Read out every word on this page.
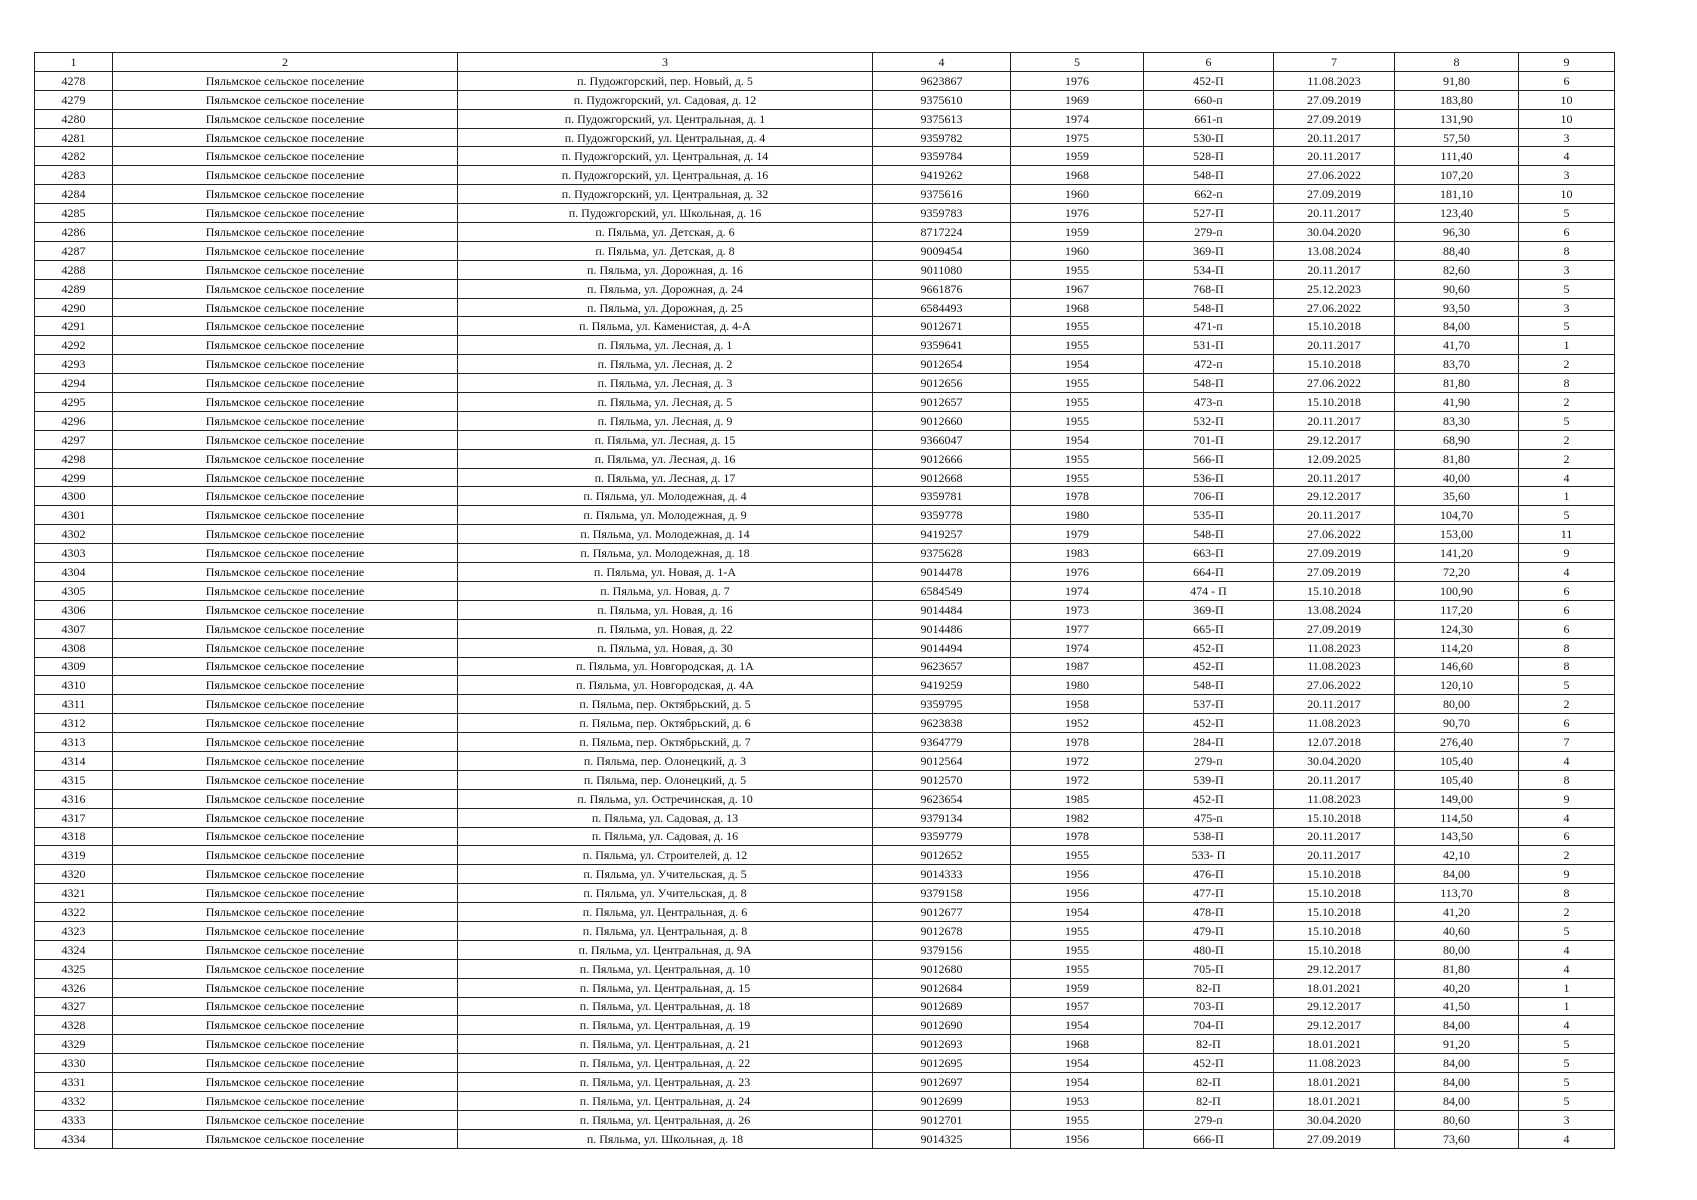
1	2	3	4	5	6	7	8	9
4278	Пяльмское сельское поселение	п. Пудожгорский, пер. Новый, д. 5	9623867	1976	452-П	11.08.2023	91,80	6
4279	Пяльмское сельское поселение	п. Пудожгорский, ул. Садовая, д. 12	9375610	1969	660-п	27.09.2019	183,80	10
4280	Пяльмское сельское поселение	п. Пудожгорский, ул. Центральная, д. 1	9375613	1974	661-п	27.09.2019	131,90	10
4281	Пяльмское сельское поселение	п. Пудожгорский, ул. Центральная, д. 4	9359782	1975	530-П	20.11.2017	57,50	3
4282	Пяльмское сельское поселение	п. Пудожгорский, ул. Центральная, д. 14	9359784	1959	528-П	20.11.2017	111,40	4
4283	Пяльмское сельское поселение	п. Пудожгорский, ул. Центральная, д. 16	9419262	1968	548-П	27.06.2022	107,20	3
4284	Пяльмское сельское поселение	п. Пудожгорский, ул. Центральная, д. 32	9375616	1960	662-п	27.09.2019	181,10	10
4285	Пяльмское сельское поселение	п. Пудожгорский, ул. Школьная, д. 16	9359783	1976	527-П	20.11.2017	123,40	5
4286	Пяльмское сельское поселение	п. Пяльма, ул. Детская, д. 6	8717224	1959	279-п	30.04.2020	96,30	6
4287	Пяльмское сельское поселение	п. Пяльма, ул. Детская, д. 8	9009454	1960	369-П	13.08.2024	88,40	8
4288	Пяльмское сельское поселение	п. Пяльма, ул. Дорожная, д. 16	9011080	1955	534-П	20.11.2017	82,60	3
4289	Пяльмское сельское поселение	п. Пяльма, ул. Дорожная, д. 24	9661876	1967	768-П	25.12.2023	90,60	5
4290	Пяльмское сельское поселение	п. Пяльма, ул. Дорожная, д. 25	6584493	1968	548-П	27.06.2022	93,50	3
4291	Пяльмское сельское поселение	п. Пяльма, ул. Каменистая, д. 4-А	9012671	1955	471-п	15.10.2018	84,00	5
4292	Пяльмское сельское поселение	п. Пяльма, ул. Лесная, д. 1	9359641	1955	531-П	20.11.2017	41,70	1
4293	Пяльмское сельское поселение	п. Пяльма, ул. Лесная, д. 2	9012654	1954	472-п	15.10.2018	83,70	2
4294	Пяльмское сельское поселение	п. Пяльма, ул. Лесная, д. 3	9012656	1955	548-П	27.06.2022	81,80	8
4295	Пяльмское сельское поселение	п. Пяльма, ул. Лесная, д. 5	9012657	1955	473-п	15.10.2018	41,90	2
4296	Пяльмское сельское поселение	п. Пяльма, ул. Лесная, д. 9	9012660	1955	532-П	20.11.2017	83,30	5
4297	Пяльмское сельское поселение	п. Пяльма, ул. Лесная, д. 15	9366047	1954	701-П	29.12.2017	68,90	2
4298	Пяльмское сельское поселение	п. Пяльма, ул. Лесная, д. 16	9012666	1955	566-П	12.09.2025	81,80	2
4299	Пяльмское сельское поселение	п. Пяльма, ул. Лесная, д. 17	9012668	1955	536-П	20.11.2017	40,00	4
4300	Пяльмское сельское поселение	п. Пяльма, ул. Молодежная, д. 4	9359781	1978	706-П	29.12.2017	35,60	1
4301	Пяльмское сельское поселение	п. Пяльма, ул. Молодежная, д. 9	9359778	1980	535-П	20.11.2017	104,70	5
4302	Пяльмское сельское поселение	п. Пяльма, ул. Молодежная, д. 14	9419257	1979	548-П	27.06.2022	153,00	11
4303	Пяльмское сельское поселение	п. Пяльма, ул. Молодежная, д. 18	9375628	1983	663-П	27.09.2019	141,20	9
4304	Пяльмское сельское поселение	п. Пяльма, ул. Новая, д. 1-А	9014478	1976	664-П	27.09.2019	72,20	4
4305	Пяльмское сельское поселение	п. Пяльма, ул. Новая, д. 7	6584549	1974	474 - П	15.10.2018	100,90	6
4306	Пяльмское сельское поселение	п. Пяльма, ул. Новая, д. 16	9014484	1973	369-П	13.08.2024	117,20	6
4307	Пяльмское сельское поселение	п. Пяльма, ул. Новая, д. 22	9014486	1977	665-П	27.09.2019	124,30	6
4308	Пяльмское сельское поселение	п. Пяльма, ул. Новая, д. 30	9014494	1974	452-П	11.08.2023	114,20	8
4309	Пяльмское сельское поселение	п. Пяльма, ул. Новгородская, д. 1А	9623657	1987	452-П	11.08.2023	146,60	8
4310	Пяльмское сельское поселение	п. Пяльма, ул. Новгородская, д. 4А	9419259	1980	548-П	27.06.2022	120,10	5
4311	Пяльмское сельское поселение	п. Пяльма, пер. Октябрьский, д. 5	9359795	1958	537-П	20.11.2017	80,00	2
4312	Пяльмское сельское поселение	п. Пяльма, пер. Октябрьский, д. 6	9623838	1952	452-П	11.08.2023	90,70	6
4313	Пяльмское сельское поселение	п. Пяльма, пер. Октябрьский, д. 7	9364779	1978	284-П	12.07.2018	276,40	7
4314	Пяльмское сельское поселение	п. Пяльма, пер. Олонецкий, д. 3	9012564	1972	279-п	30.04.2020	105,40	4
4315	Пяльмское сельское поселение	п. Пяльма, пер. Олонецкий, д. 5	9012570	1972	539-П	20.11.2017	105,40	8
4316	Пяльмское сельское поселение	п. Пяльма, ул. Остречинская, д. 10	9623654	1985	452-П	11.08.2023	149,00	9
4317	Пяльмское сельское поселение	п. Пяльма, ул. Садовая, д. 13	9379134	1982	475-п	15.10.2018	114,50	4
4318	Пяльмское сельское поселение	п. Пяльма, ул. Садовая, д. 16	9359779	1978	538-П	20.11.2017	143,50	6
4319	Пяльмское сельское поселение	п. Пяльма, ул. Строителей, д. 12	9012652	1955	533- П	20.11.2017	42,10	2
4320	Пяльмское сельское поселение	п. Пяльма, ул. Учительская, д. 5	9014333	1956	476-П	15.10.2018	84,00	9
4321	Пяльмское сельское поселение	п. Пяльма, ул. Учительская, д. 8	9379158	1956	477-П	15.10.2018	113,70	8
4322	Пяльмское сельское поселение	п. Пяльма, ул. Центральная, д. 6	9012677	1954	478-П	15.10.2018	41,20	2
4323	Пяльмское сельское поселение	п. Пяльма, ул. Центральная, д. 8	9012678	1955	479-П	15.10.2018	40,60	5
4324	Пяльмское сельское поселение	п. Пяльма, ул. Центральная, д. 9А	9379156	1955	480-П	15.10.2018	80,00	4
4325	Пяльмское сельское поселение	п. Пяльма, ул. Центральная, д. 10	9012680	1955	705-П	29.12.2017	81,80	4
4326	Пяльмское сельское поселение	п. Пяльма, ул. Центральная, д. 15	9012684	1959	82-П	18.01.2021	40,20	1
4327	Пяльмское сельское поселение	п. Пяльма, ул. Центральная, д. 18	9012689	1957	703-П	29.12.2017	41,50	1
4328	Пяльмское сельское поселение	п. Пяльма, ул. Центральная, д. 19	9012690	1954	704-П	29.12.2017	84,00	4
4329	Пяльмское сельское поселение	п. Пяльма, ул. Центральная, д. 21	9012693	1968	82-П	18.01.2021	91,20	5
4330	Пяльмское сельское поселение	п. Пяльма, ул. Центральная, д. 22	9012695	1954	452-П	11.08.2023	84,00	5
4331	Пяльмское сельское поселение	п. Пяльма, ул. Центральная, д. 23	9012697	1954	82-П	18.01.2021	84,00	5
4332	Пяльмское сельское поселение	п. Пяльма, ул. Центральная, д. 24	9012699	1953	82-П	18.01.2021	84,00	5
4333	Пяльмское сельское поселение	п. Пяльма, ул. Центральная, д. 26	9012701	1955	279-п	30.04.2020	80,60	3
4334	Пяльмское сельское поселение	п. Пяльма, ул. Школьная, д. 18	9014325	1956	666-П	27.09.2019	73,60	4
